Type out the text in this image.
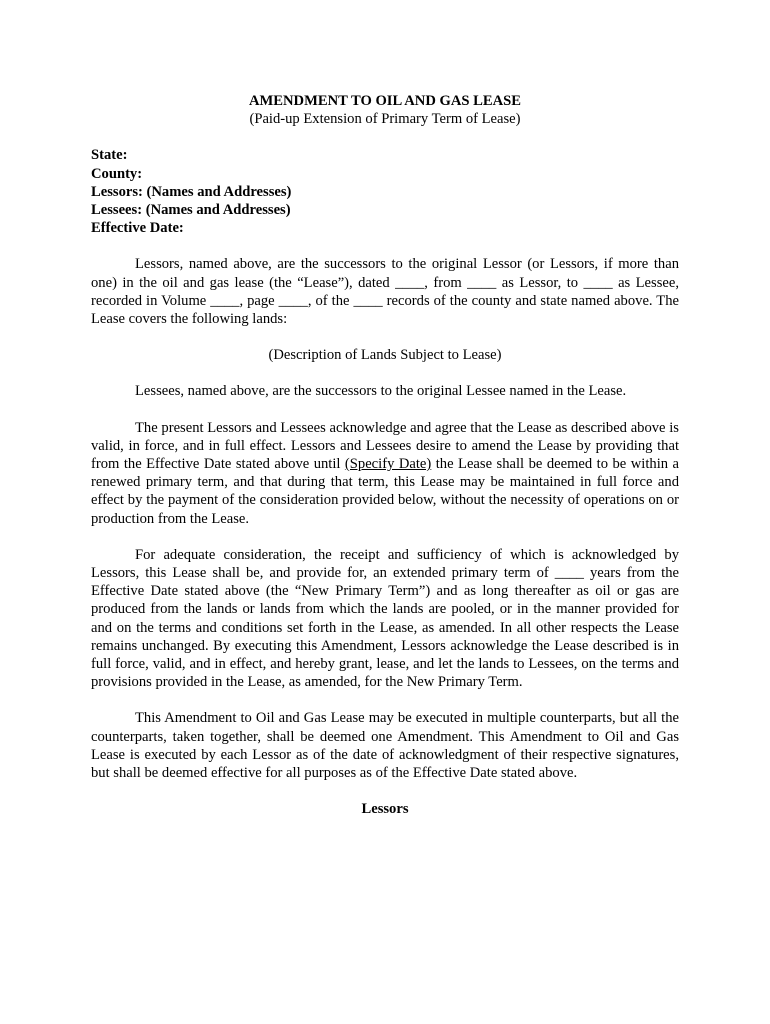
AMENDMENT TO OIL AND GAS LEASE
(Paid-up Extension of Primary Term of Lease)
State:
County:
Lessors: (Names and Addresses)
Lessees: (Names and Addresses)
Effective Date:

Lessors, named above, are the successors to the original Lessor (or Lessors, if more than one) in the oil and gas lease (the “Lease”), dated ____, from ____ as Lessor, to ____ as Lessee, recorded in Volume ____, page ____, of the ____ records of the county and state named above. The Lease covers the following lands:

(Description of Lands Subject to Lease)

Lessees, named above, are the successors to the original Lessee named in the Lease.

The present Lessors and Lessees acknowledge and agree that the Lease as described above is valid, in force, and in full effect. Lessors and Lessees desire to amend the Lease by providing that from the Effective Date stated above until (Specify Date) the Lease shall be deemed to be within a renewed primary term, and that during that term, this Lease may be maintained in full force and effect by the payment of the consideration provided below, without the necessity of operations on or production from the Lease.

For adequate consideration, the receipt and sufficiency of which is acknowledged by Lessors, this Lease shall be, and provide for, an extended primary term of ____ years from the Effective Date stated above (the “New Primary Term”) and as long thereafter as oil or gas are produced from the lands or lands from which the lands are pooled, or in the manner provided for and on the terms and conditions set forth in the Lease, as amended. In all other respects the Lease remains unchanged. By executing this Amendment, Lessors acknowledge the Lease described is in full force, valid, and in effect, and hereby grant, lease, and let the lands to Lessees, on the terms and provisions provided in the Lease, as amended, for the New Primary Term.

This Amendment to Oil and Gas Lease may be executed in multiple counterparts, but all the counterparts, taken together, shall be deemed one Amendment. This Amendment to Oil and Gas Lease is executed by each Lessor as of the date of acknowledgment of their respective signatures, but shall be deemed effective for all purposes as of the Effective Date stated above.

Lessors
